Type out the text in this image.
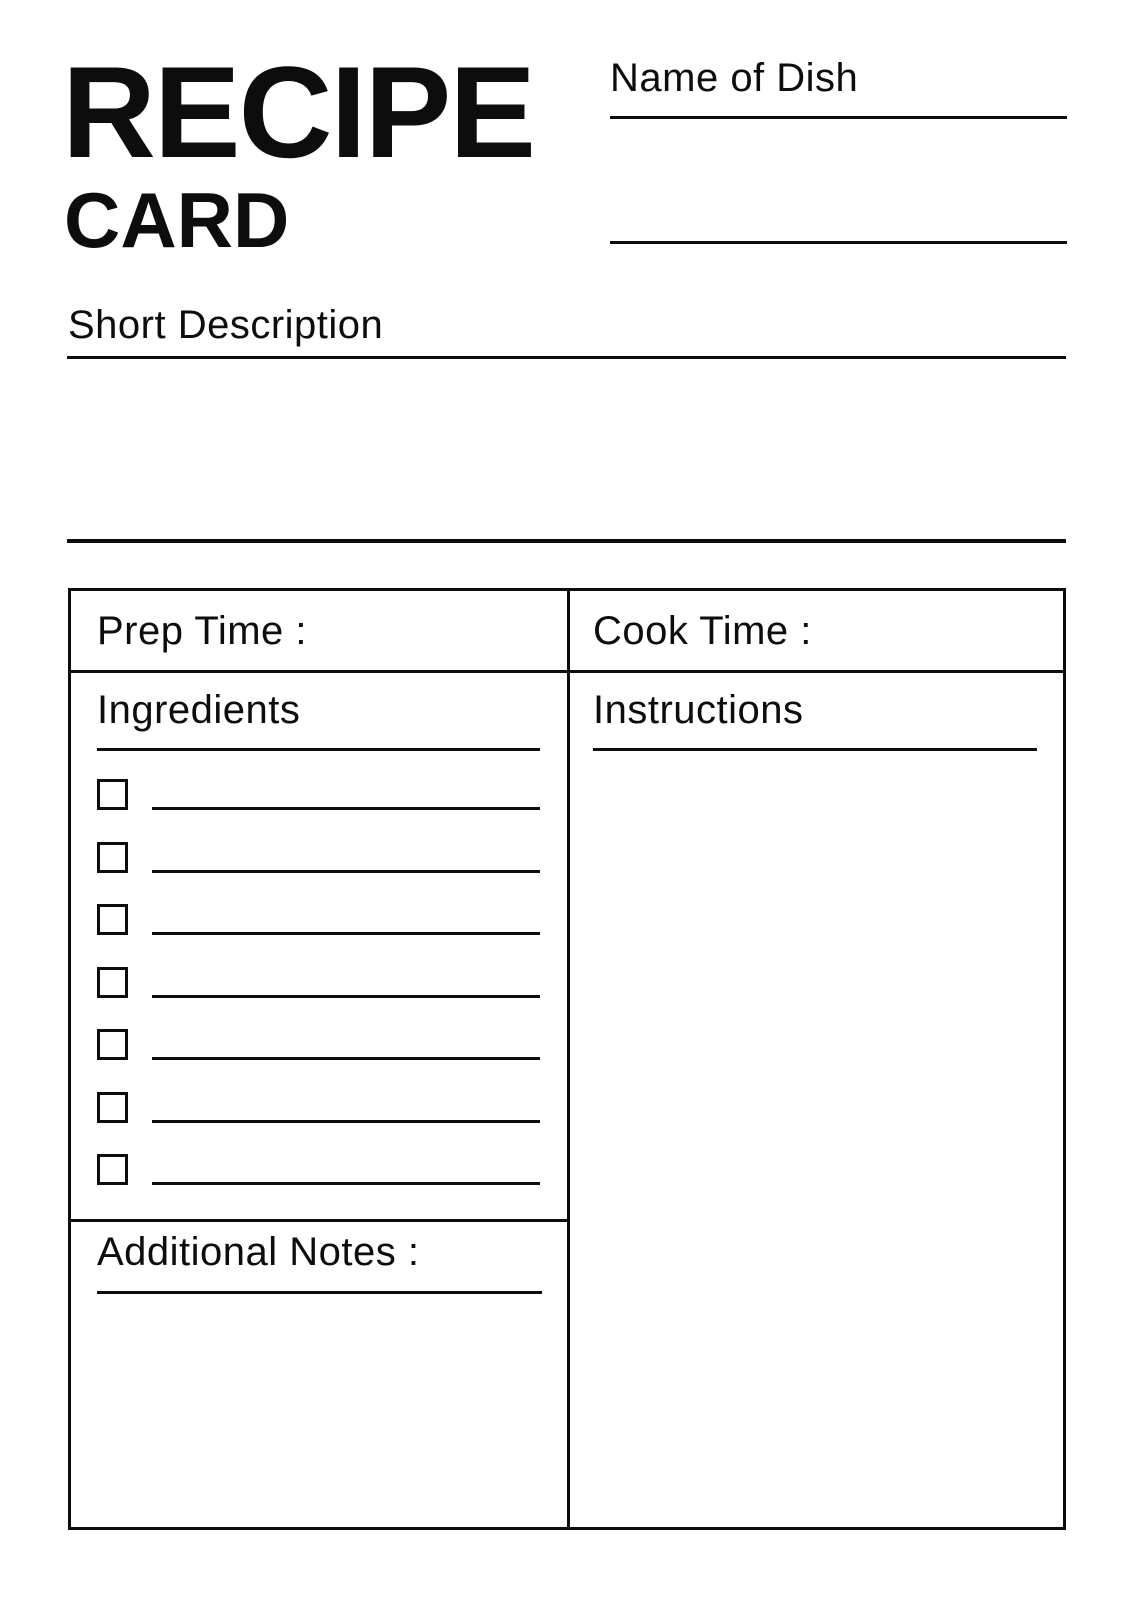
RECIPE
CARD
Name of Dish
Short Description
Prep Time :	Cook Time :
Ingredients
Additional Notes :
Instructions
